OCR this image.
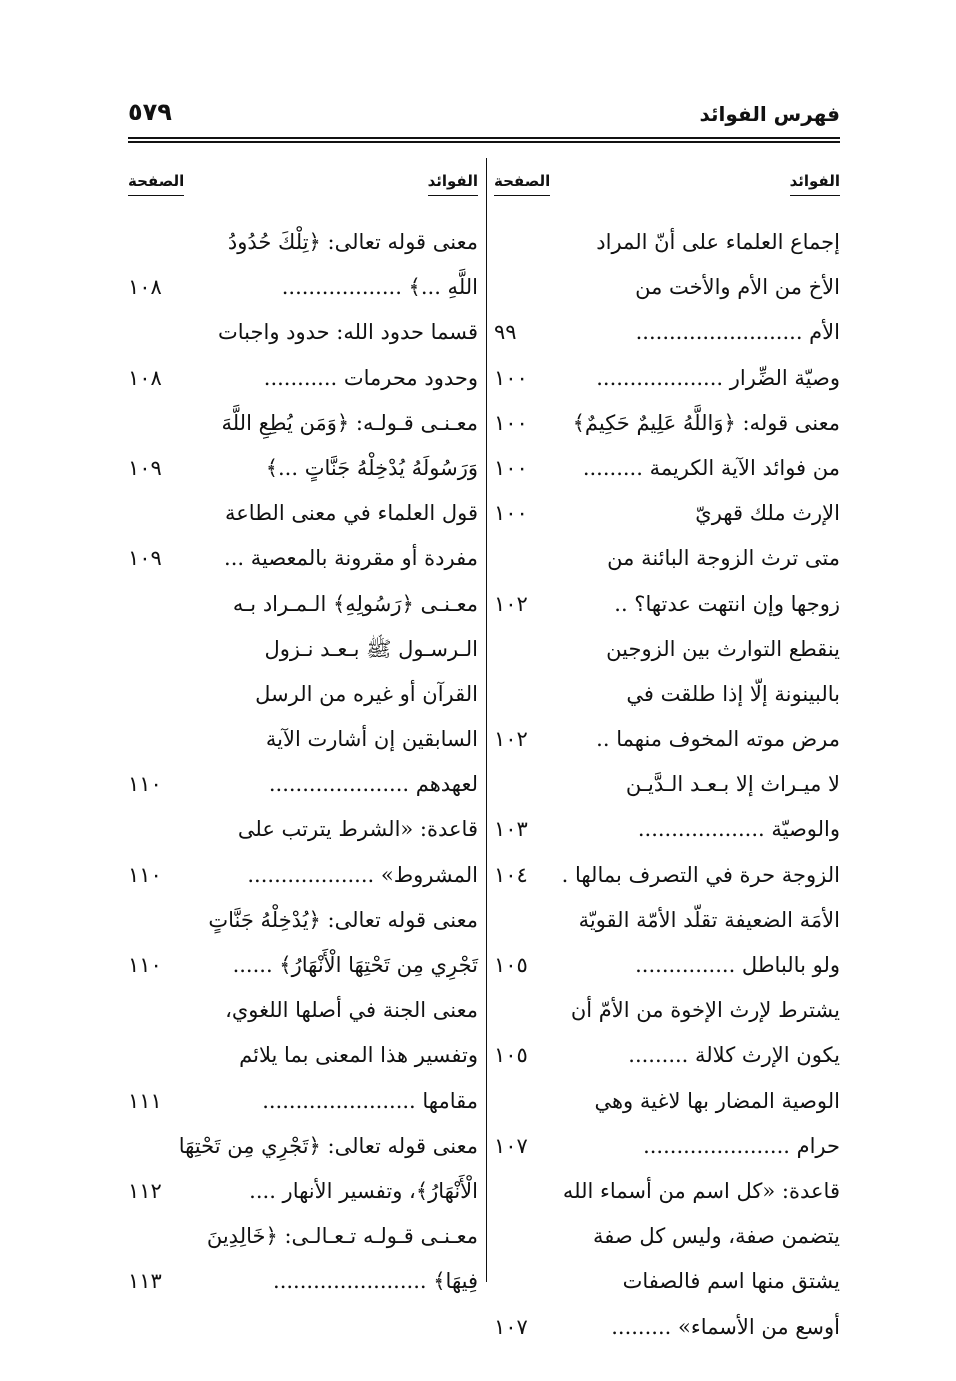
فهرس الفوائد
٥٧٩
الفوائد
الصفحة
إجماع العلماء على أنّ المراد
الأخ من الأم والأخت من
الأم .........................
٩٩
وصيّة الضِّرار ...................
١٠٠
معنى قوله: ﴿وَاللَّهُ عَلِيمٌ حَكِيمٌ﴾
١٠٠
من فوائد الآية الكريمة .........
١٠٠
الإرث ملك قهريّ
١٠٠
متى ترث الزوجة البائنة من
زوجها وإن انتهت عدتها؟ ..
١٠٢
ينقطع التوارث بين الزوجين
بالبينونة إلّا إذا طلقت في
مرض موته المخوف منهما ..
١٠٢
لا ميـراث إلا بـعـد الـدَّيـن
والوصيّة ...................
١٠٣
الزوجة حرة في التصرف بمالها .
١٠٤
الأمَة الضعيفة تقلّد الأمّة القويّة
ولو بالباطل ...............
١٠٥
يشترط لإرث الإخوة من الأمّ أن
يكون الإرث كلالة .........
١٠٥
الوصية المضار بها لاغية وهي
حرام ......................
١٠٧
قاعدة: «كل اسم من أسماء الله
يتضمن صفة، وليس كل صفة
يشتق منها اسم فالصفات
أوسع من الأسماء» .........
١٠٧
الفوائد
الصفحة
معنى قوله تعالى: ﴿تِلْكَ حُدُودُ
اللَّهِ ...﴾ ..................
١٠٨
قسما حدود الله: حدود واجبات
وحدود محرمات ...........
١٠٨
معـنـى قـولـه: ﴿وَمَن يُطِعِ اللَّهَ
وَرَسُولَهُ يُدْخِلْهُ جَنَّاتٍ ...﴾
١٠٩
قول العلماء في معنى الطاعة
مفردة أو مقرونة بالمعصية ...
١٠٩
معـنـى ﴿رَسُولِهِ﴾ الـمـراد بـه
الـرسـول ﷺ بـعـد نـزول
القرآن أو غيره من الرسل
السابقين إن أشارت الآية
لعهدهم .....................
١١٠
قاعدة: «الشرط يترتب على
المشروط» ...................
١١٠
معنى قوله تعالى: ﴿يُدْخِلْهُ جَنَّاتٍ
تَجْرِي مِن تَحْتِهَا الْأَنْهَارُ﴾ ......
١١٠
معنى الجنة في أصلها اللغوي،
وتفسير هذا المعنى بما يلائم
مقامها .......................
١١١
معنى قوله تعالى: ﴿تَجْرِي مِن تَحْتِهَا
الْأَنْهَارُ﴾، وتفسير الأنهار ....
١١٢
معـنـى قـولـه تـعـالـى: ﴿خَالِدِينَ
فِيهَا﴾ .......................
١١٣
